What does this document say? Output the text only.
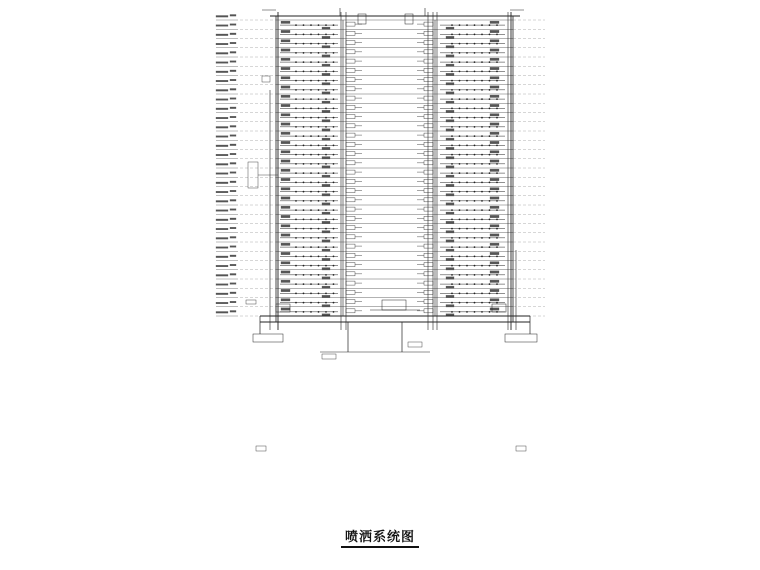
喷洒系统图
